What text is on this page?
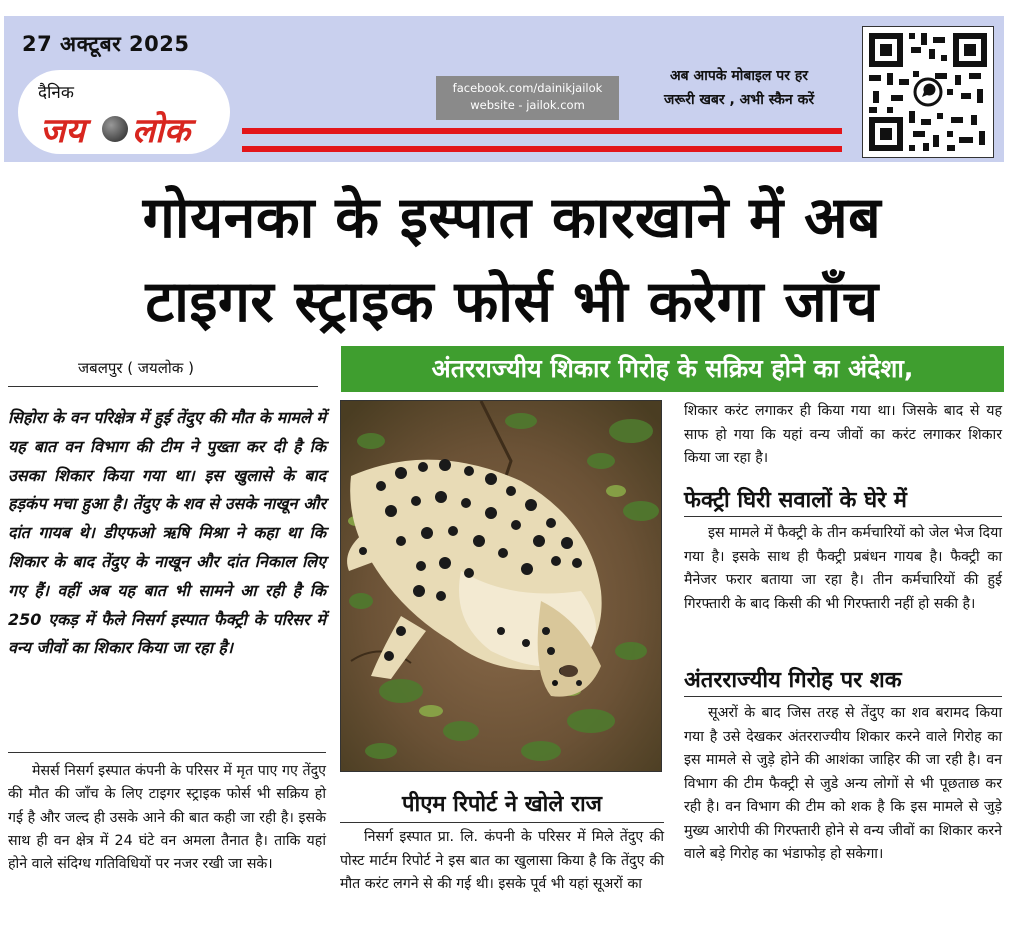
27 अक्टूबर 2025
दैनिक
जय लोक
facebook.com/dainikjailok
website - jailok.com
अब आपके मोबाइल पर हर
जरूरी खबर , अभी स्कैन करें
गोयनका के इस्पात कारखाने में अब
टाइगर स्ट्राइक फोर्स भी करेगा जाँच
जबलपुर ( जयलोक )	अंतरराज्यीय शिकार गिरोह के सक्रिय होने का अंदेशा,
सिहोरा के वन परिक्षेत्र में हुई तेंदुए की मौत के मामले में यह बात वन विभाग की टीम ने पुख्ता कर दी है कि उसका शिकार किया गया था। इस खुलासे के बाद हड़कंप मचा हुआ है। तेंदुए के शव से उसके नाखून और दांत गायब थे। डीएफओ ऋषि मिश्रा ने कहा था कि शिकार के बाद तेंदुए के नाखून और दांत निकाल लिए गए हैं। वहीं अब यह बात भी सामने आ रही है कि 250 एकड़ में फैले निसर्ग इस्पात फैक्ट्री के परिसर में वन्य जीवों का शिकार किया जा रहा है।
मेसर्स निसर्ग इस्पात कंपनी के परिसर में मृत पाए गए तेंदुए की मौत की जाँच के लिए टाइगर स्ट्राइक फोर्स भी सक्रिय हो गई है और जल्द ही उसके आने की बात कही जा रही है। इसके साथ ही वन क्षेत्र में 24 घंटे वन अमला तैनात है। ताकि यहां होने वाले संदिग्ध गतिविधियों पर नजर रखी जा सके।
पीएम रिपोर्ट ने खोले राज
निसर्ग इस्पात प्रा. लि. कंपनी के परिसर में मिले तेंदुए की पोस्ट मार्टम रिपोर्ट ने इस बात का खुलासा किया है कि तेंदुए की मौत करंट लगने से की गई थी। इसके पूर्व भी यहां सूअरों का
शिकार करंट लगाकर ही किया गया था। जिसके बाद से यह साफ हो गया कि यहां वन्य जीवों का करंट लगाकर शिकार किया जा रहा है।
फेक्ट्री घिरी सवालों के घेरे में
इस मामले में फैक्ट्री के तीन कर्मचारियों को जेल भेज दिया गया है। इसके साथ ही फैक्ट्री प्रबंधन गायब है। फैक्ट्री का मैनेजर फरार बताया जा रहा है। तीन कर्मचारियों की हुई गिरफ्तारी के बाद किसी की भी गिरफ्तारी नहीं हो सकी है।
अंतरराज्यीय गिरोह पर शक
सूअरों के बाद जिस तरह से तेंदुए का शव बरामद किया गया है उसे देखकर अंतरराज्यीय शिकार करने वाले गिरोह का इस मामले से जुड़े होने की आशंका जाहिर की जा रही है। वन विभाग की टीम फैक्ट्री से जुडे अन्य लोगों से भी पूछताछ कर रही है। वन विभाग की टीम को शक है कि इस मामले से जुड़े मुख्य आरोपी की गिरफ्तारी होने से वन्य जीवों का शिकार करने वाले बड़े गिरोह का भंडाफोड़ हो सकेगा।
